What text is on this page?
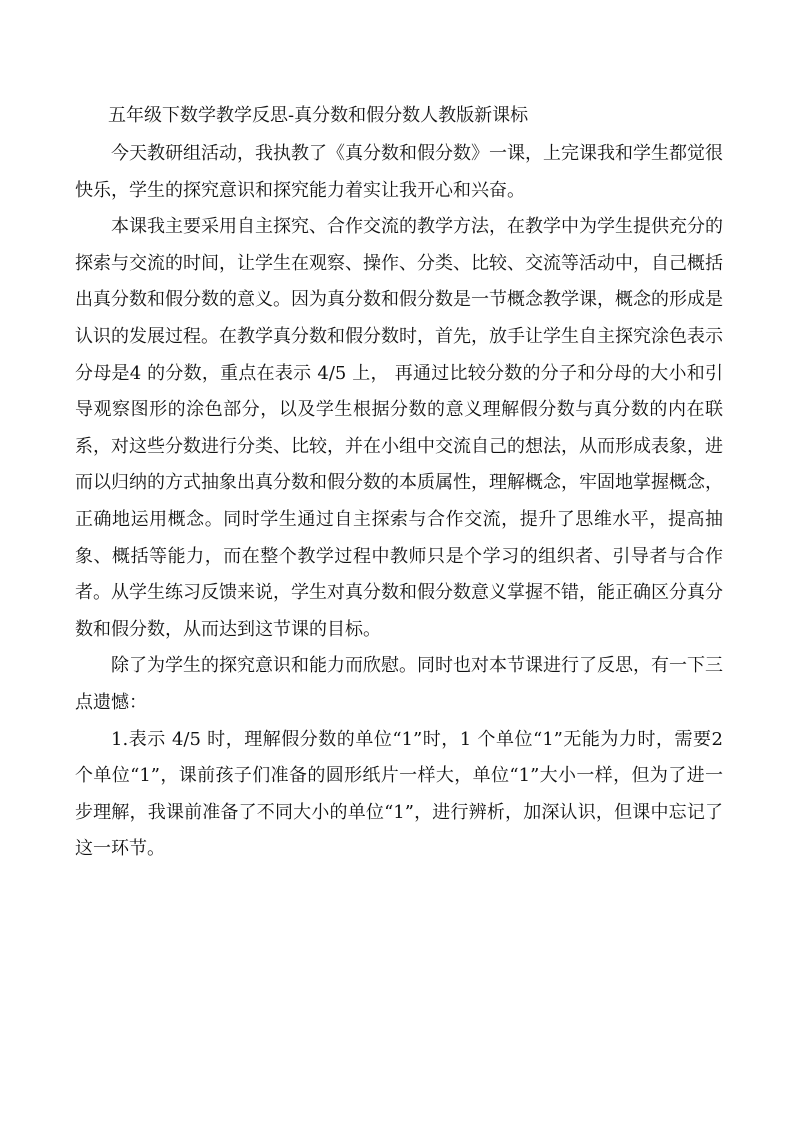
五年级下数学教学反思-真分数和假分数人教版新课标

今天教研组活动，我执教了《真分数和假分数》一课，上完课我和学生都觉很快乐，学生的探究意识和探究能力着实让我开心和兴奋。

本课我主要采用自主探究、合作交流的教学方法，在教学中为学生提供充分的探索与交流的时间，让学生在观察、操作、分类、比较、交流等活动中，自己概括出真分数和假分数的意义。因为真分数和假分数是一节概念教学课，概念的形成是认识的发展过程。在教学真分数和假分数时，首先，放手让学生自主探究涂色表示分母是4 的分数，重点在表示 4/5 上， 再通过比较分数的分子和分母的大小和引导观察图形的涂色部分，以及学生根据分数的意义理解假分数与真分数的内在联系，对这些分数进行分类、比较，并在小组中交流自己的想法，从而形成表象，进而以归纳的方式抽象出真分数和假分数的本质属性，理解概念，牢固地掌握概念，正确地运用概念。同时学生通过自主探索与合作交流，提升了思维水平，提高抽象、概括等能力，而在整个教学过程中教师只是个学习的组织者、引导者与合作者。从学生练习反馈来说，学生对真分数和假分数意义掌握不错，能正确区分真分数和假分数，从而达到这节课的目标。

除了为学生的探究意识和能力而欣慰。同时也对本节课进行了反思，有一下三点遗憾：

1.表示 4/5 时，理解假分数的单位“1”时，1 个单位“1”无能为力时，需要2 个单位“1”，课前孩子们准备的圆形纸片一样大，单位“1”大小一样，但为了进一步理解，我课前准备了不同大小的单位“1”，进行辨析，加深认识，但课中忘记了这一环节。
